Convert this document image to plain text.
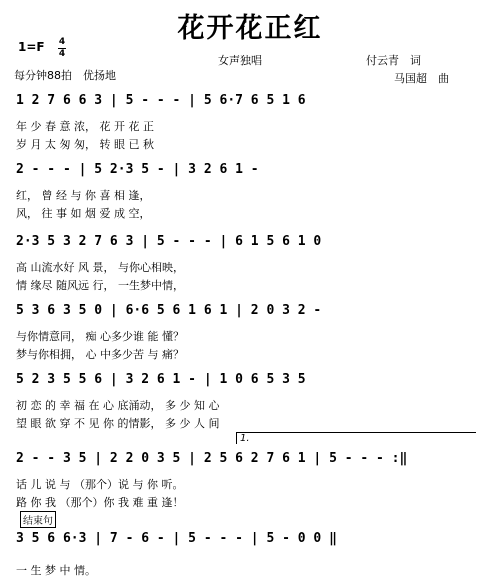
花开花正红
1=F 4
4
每分钟88拍　优扬地
女声独唱	付云青　词
马国超　曲
1 2 7 6 6 3 | 5 - - - | 5 6·7 6 5 1 6
年 少 春 意 浓， 花 开 花 正
岁 月 太 匆 匆， 转 眼 已 秋
2 - - - | 5 2·3 5 - | 3 2 6 1 -
红， 曾 经 与 你 喜 相 逢，
风， 往 事 如 烟 爱 成 空，
2·3 5 3 2 7 6 3 | 5 - - - | 6 1 5 6 1 0
高 山流水好 风 景， 与你心相映，
情 缘尽 随风远 行， 一生梦中情，
5 3 6 3 5 0 | 6·6 5 6 1 6 1 | 2 0 3 2 -
与你情意同， 痴 心多少谁 能 懂？
梦与你相拥， 心 中多少苦 与 痛？
5 2 3 5 5 6 | 3 2 6 1 - | 1 0 6 5 3 5
初 恋 的 幸 福 在 心 底涌动， 多 少 知 心
望 眼 欲 穿 不 见 你 的情影， 多 少 人 间
1.
2 - - 3 5 | 2 2 0 3 5 | 2 5 6 2 7 6 1 | 5 - - - :‖
话 儿 说 与 （那个）说 与 你 听。
路 你 我 （那个）你 我 难 重 逢！
结束句
3 5 6 6·3 | 7 - 6 - | 5 - - - | 5 - 0 0 ‖
一 生 梦 中 情。
